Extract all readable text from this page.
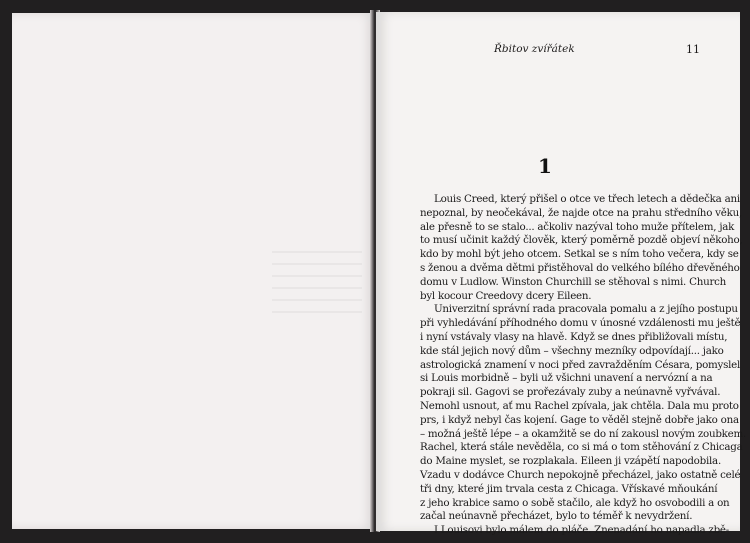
Řbitov zvířátek	11
1

Louis Creed, který přišel o otce ve třech letech a dědečka ani
nepoznal, by neočekával, že najde otce na prahu středního věku,
ale přesně to se stalo... ačkoliv nazýval toho muže přítelem, jak
to musí učinit každý člověk, který poměrně pozdě objeví někoho,
kdo by mohl být jeho otcem. Setkal se s ním toho večera, kdy se
s ženou a dvěma dětmi přistěhoval do velkého bílého dřevěného
domu v Ludlow. Winston Churchill se stěhoval s nimi. Church
byl kocour Creedovy dcery Eileen.

Univerzitní správní rada pracovala pomalu a z jejího postupu
při vyhledávání příhodného domu v únosné vzdálenosti mu ještě
i nyní vstávaly vlasy na hlavě. Když se dnes přibližovali místu,
kde stál jejich nový dům – všechny mezníky odpovídají... jako
astrologická znamení v noci před zavražděním Césara, pomyslel
si Louis morbidně – byli už všichni unavení a nervózní a na
pokraji sil. Gagovi se prořezávaly zuby a neúnavně vyřvával.
Nemohl usnout, ať mu Rachel zpívala, jak chtěla. Dala mu proto
prs, i když nebyl čas kojení. Gage to věděl stejně dobře jako ona
– možná ještě lépe – a okamžitě se do ní zakousl novým zoubkem.
Rachel, která stále nevěděla, co si má o tom stěhování z Chicaga
do Maine myslet, se rozplakala. Eileen ji vzápětí napodobila.
Vzadu v dodávce Church nepokojně přecházel, jako ostatně celé
tři dny, které jim trvala cesta z Chicaga. Vřískavé mňoukání
z jeho krabice samo o sobě stačilo, ale když ho osvobodili a on
začal neúnavně přecházet, bylo to téměř k nevydržení.

I Louisovi bylo málem do pláče. Znenadání ho napadla zbě-
